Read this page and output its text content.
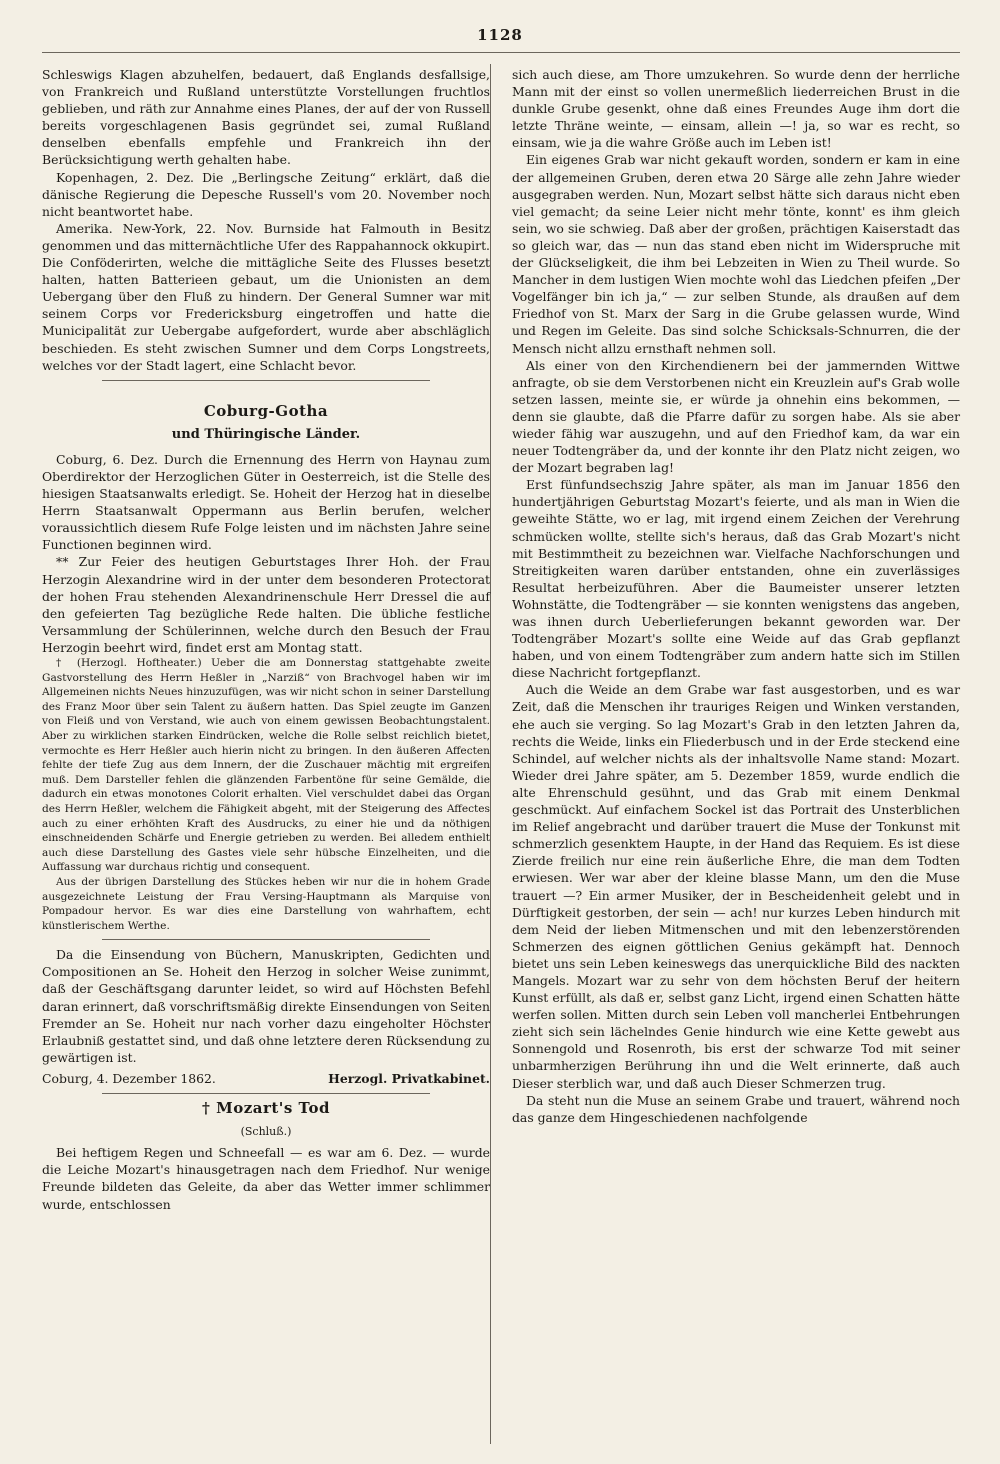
1128

Schleswigs Klagen abzuhelfen, bedauert, daß Englands desfallsige, von Frankreich und Rußland unterstützte Vorstellungen fruchtlos geblieben, und räth zur Annahme eines Planes, der auf der von Russell bereits vorgeschlagenen Basis gegründet sei, zumal Rußland denselben ebenfalls empfehle und Frankreich ihn der Berücksichtigung werth gehalten habe.

Kopenhagen, 2. Dez. Die „Berlingsche Zeitung“ erklärt, daß die dänische Regierung die Depesche Russell's vom 20. November noch nicht beantwortet habe.

Amerika. New-York, 22. Nov. Burnside hat Falmouth in Besitz genommen und das mitternächtliche Ufer des Rappahannock okkupirt. Die Conföderirten, welche die mittägliche Seite des Flusses besetzt halten, hatten Batterieen gebaut, um die Unionisten an dem Uebergang über den Fluß zu hindern. Der General Sumner war mit seinem Corps vor Fredericksburg eingetroffen und hatte die Municipalität zur Uebergabe aufgefordert, wurde aber abschläglich beschieden. Es steht zwischen Sumner und dem Corps Longstreets, welches vor der Stadt lagert, eine Schlacht bevor.

Coburg-Gotha
und Thüringische Länder.

Coburg, 6. Dez. Durch die Ernennung des Herrn von Haynau zum Oberdirektor der Herzoglichen Güter in Oesterreich, ist die Stelle des hiesigen Staatsanwalts erledigt. Se. Hoheit der Herzog hat in dieselbe Herrn Staatsanwalt Oppermann aus Berlin berufen, welcher voraussichtlich diesem Rufe Folge leisten und im nächsten Jahre seine Functionen beginnen wird.

** Zur Feier des heutigen Geburtstages Ihrer Hoh. der Frau Herzogin Alexandrine wird in der unter dem besonderen Protectorat der hohen Frau stehenden Alexandrinenschule Herr Dressel die auf den gefeierten Tag bezügliche Rede halten. Die übliche festliche Versammlung der Schülerinnen, welche durch den Besuch der Frau Herzogin beehrt wird, findet erst am Montag statt.

† (Herzogl. Hoftheater.) Ueber die am Donnerstag stattgehabte zweite Gastvorstellung des Herrn Heßler in „Narziß“ von Brachvogel haben wir im Allgemeinen nichts Neues hinzuzufügen, was wir nicht schon in seiner Darstellung des Franz Moor über sein Talent zu äußern hatten. Das Spiel zeugte im Ganzen von Fleiß und von Verstand, wie auch von einem gewissen Beobachtungstalent. Aber zu wirklichen starken Eindrücken, welche die Rolle selbst reichlich bietet, vermochte es Herr Heßler auch hierin nicht zu bringen. In den äußeren Affecten fehlte der tiefe Zug aus dem Innern, der die Zuschauer mächtig mit ergreifen muß. Dem Darsteller fehlen die glänzenden Farbentöne für seine Gemälde, die dadurch ein etwas monotones Colorit erhalten. Viel verschuldet dabei das Organ des Herrn Heßler, welchem die Fähigkeit abgeht, mit der Steigerung des Affectes auch zu einer erhöhten Kraft des Ausdrucks, zu einer hie und da nöthigen einschneidenden Schärfe und Energie getrieben zu werden. Bei alledem enthielt auch diese Darstellung des Gastes viele sehr hübsche Einzelheiten, und die Auffassung war durchaus richtig und consequent.

Aus der übrigen Darstellung des Stückes heben wir nur die in hohem Grade ausgezeichnete Leistung der Frau Versing-Hauptmann als Marquise von Pompadour hervor. Es war dies eine Darstellung von wahrhaftem, echt künstlerischem Werthe.

Da die Einsendung von Büchern, Manuskripten, Gedichten und Compositionen an Se. Hoheit den Herzog in solcher Weise zunimmt, daß der Geschäftsgang darunter leidet, so wird auf Höchsten Befehl daran erinnert, daß vorschriftsmäßig direkte Einsendungen von Seiten Fremder an Se. Hoheit nur nach vorher dazu eingeholter Höchster Erlaubniß gestattet sind, und daß ohne letztere deren Rücksendung zu gewärtigen ist.

Coburg, 4. Dezember 1862.	Herzogl. Privatkabinet.
† Mozart's Tod
(Schluß.)

Bei heftigem Regen und Schneefall — es war am 6. Dez. — wurde die Leiche Mozart's hinausgetragen nach dem Friedhof. Nur wenige Freunde bildeten das Geleite, da aber das Wetter immer schlimmer wurde, entschlossen

sich auch diese, am Thore umzukehren. So wurde denn der herrliche Mann mit der einst so vollen unermeßlich liederreichen Brust in die dunkle Grube gesenkt, ohne daß eines Freundes Auge ihm dort die letzte Thräne weinte, — einsam, allein —! ja, so war es recht, so einsam, wie ja die wahre Größe auch im Leben ist!

Ein eigenes Grab war nicht gekauft worden, sondern er kam in eine der allgemeinen Gruben, deren etwa 20 Särge alle zehn Jahre wieder ausgegraben werden. Nun, Mozart selbst hätte sich daraus nicht eben viel gemacht; da seine Leier nicht mehr tönte, konnt' es ihm gleich sein, wo sie schwieg. Daß aber der großen, prächtigen Kaiserstadt das so gleich war, das — nun das stand eben nicht im Widerspruche mit der Glückseligkeit, die ihm bei Lebzeiten in Wien zu Theil wurde. So Mancher in dem lustigen Wien mochte wohl das Liedchen pfeifen „Der Vogelfänger bin ich ja,“ — zur selben Stunde, als draußen auf dem Friedhof von St. Marx der Sarg in die Grube gelassen wurde, Wind und Regen im Geleite. Das sind solche Schicksals-Schnurren, die der Mensch nicht allzu ernsthaft nehmen soll.

Als einer von den Kirchendienern bei der jammernden Wittwe anfragte, ob sie dem Verstorbenen nicht ein Kreuzlein auf's Grab wolle setzen lassen, meinte sie, er würde ja ohnehin eins bekommen, — denn sie glaubte, daß die Pfarre dafür zu sorgen habe. Als sie aber wieder fähig war auszugehn, und auf den Friedhof kam, da war ein neuer Todtengräber da, und der konnte ihr den Platz nicht zeigen, wo der Mozart begraben lag!

Erst fünfundsechszig Jahre später, als man im Januar 1856 den hundertjährigen Geburtstag Mozart's feierte, und als man in Wien die geweihte Stätte, wo er lag, mit irgend einem Zeichen der Verehrung schmücken wollte, stellte sich's heraus, daß das Grab Mozart's nicht mit Bestimmtheit zu bezeichnen war. Vielfache Nachforschungen und Streitigkeiten waren darüber entstanden, ohne ein zuverlässiges Resultat herbeizuführen. Aber die Baumeister unserer letzten Wohnstätte, die Todtengräber — sie konnten wenigstens das angeben, was ihnen durch Ueberlieferungen bekannt geworden war. Der Todtengräber Mozart's sollte eine Weide auf das Grab gepflanzt haben, und von einem Todtengräber zum andern hatte sich im Stillen diese Nachricht fortgepflanzt.

Auch die Weide an dem Grabe war fast ausgestorben, und es war Zeit, daß die Menschen ihr trauriges Reigen und Winken verstanden, ehe auch sie verging. So lag Mozart's Grab in den letzten Jahren da, rechts die Weide, links ein Fliederbusch und in der Erde steckend eine Schindel, auf welcher nichts als der inhaltsvolle Name stand: Mozart. Wieder drei Jahre später, am 5. Dezember 1859, wurde endlich die alte Ehrenschuld gesühnt, und das Grab mit einem Denkmal geschmückt. Auf einfachem Sockel ist das Portrait des Unsterblichen im Relief angebracht und darüber trauert die Muse der Tonkunst mit schmerzlich gesenktem Haupte, in der Hand das Requiem. Es ist diese Zierde freilich nur eine rein äußerliche Ehre, die man dem Todten erwiesen. Wer war aber der kleine blasse Mann, um den die Muse trauert —? Ein armer Musiker, der in Bescheidenheit gelebt und in Dürftigkeit gestorben, der sein — ach! nur kurzes Leben hindurch mit dem Neid der lieben Mitmenschen und mit den lebenzerstörenden Schmerzen des eignen göttlichen Genius gekämpft hat. Dennoch bietet uns sein Leben keineswegs das unerquickliche Bild des nackten Mangels. Mozart war zu sehr von dem höchsten Beruf der heitern Kunst erfüllt, als daß er, selbst ganz Licht, irgend einen Schatten hätte werfen sollen. Mitten durch sein Leben voll mancherlei Entbehrungen zieht sich sein lächelndes Genie hindurch wie eine Kette gewebt aus Sonnengold und Rosenroth, bis erst der schwarze Tod mit seiner unbarmherzigen Berührung ihn und die Welt erinnerte, daß auch Dieser sterblich war, und daß auch Dieser Schmerzen trug.

Da steht nun die Muse an seinem Grabe und trauert, während noch das ganze dem Hingeschiedenen nachfolgende
